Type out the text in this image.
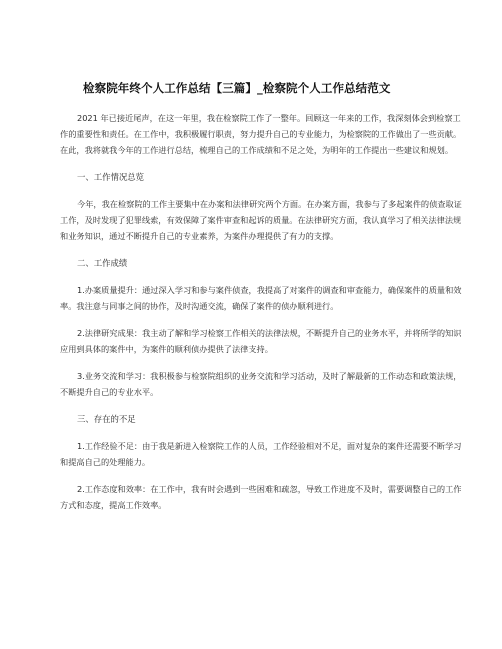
检察院年终个人工作总结【三篇】_检察院个人工作总结范文

2021 年已接近尾声，在这一年里，我在检察院工作了一整年。回顾这一年来的工作，我深刻体会到检察工作的重要性和责任。在工作中，我积极履行职责，努力提升自己的专业能力，为检察院的工作做出了一些贡献。在此，我将就我今年的工作进行总结，梳理自己的工作成绩和不足之处，为明年的工作提出一些建议和规划。

一、工作情况总览

今年，我在检察院的工作主要集中在办案和法律研究两个方面。在办案方面，我参与了多起案件的侦查取证工作，及时发现了犯罪线索，有效保障了案件审查和起诉的质量。在法律研究方面，我认真学习了相关法律法规和业务知识，通过不断提升自己的专业素养，为案件办理提供了有力的支撑。

二、工作成绩

1.办案质量提升：通过深入学习和参与案件侦查，我提高了对案件的调查和审查能力，确保案件的质量和效率。我注意与同事之间的协作，及时沟通交流，确保了案件的侦办顺利进行。

2.法律研究成果：我主动了解和学习检察工作相关的法律法规，不断提升自己的业务水平，并将所学的知识应用到具体的案件中，为案件的顺利侦办提供了法律支持。

3.业务交流和学习：我积极参与检察院组织的业务交流和学习活动，及时了解最新的工作动态和政策法规，不断提升自己的专业水平。

三、存在的不足

1.工作经验不足：由于我是新进入检察院工作的人员，工作经验相对不足，面对复杂的案件还需要不断学习和提高自己的处理能力。

2.工作态度和效率：在工作中，我有时会遇到一些困难和疏忽，导致工作进度不及时，需要调整自己的工作方式和态度，提高工作效率。
